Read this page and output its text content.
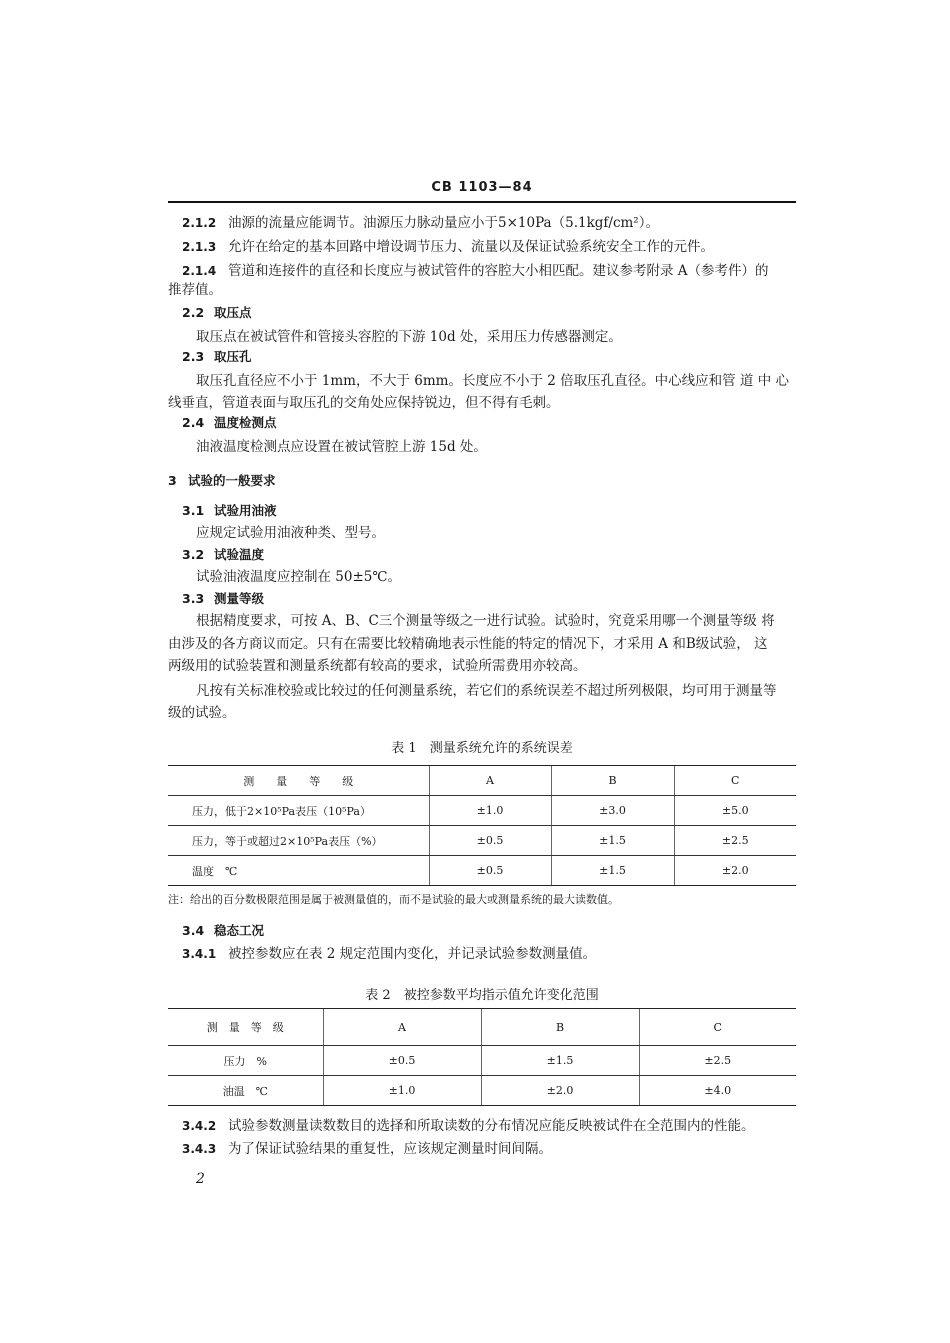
CB 1103—84
2.1.2 油源的流量应能调节。油源压力脉动量应小于5×10Pa（5.1kgf/cm²）。
2.1.3 允许在给定的基本回路中增设调节压力、流量以及保证试验系统安全工作的元件。
2.1.4 管道和连接件的直径和长度应与被试管件的容腔大小相匹配。建议参考附录 A（参考件）的
推荐值。
2.2 取压点
取压点在被试管件和管接头容腔的下游 10d 处，采用压力传感器测定。
2.3 取压孔
取压孔直径应不小于 1mm，不大于 6mm。长度应不小于 2 倍取压孔直径。中心线应和管 道 中 心
线垂直，管道表面与取压孔的交角处应保持锐边，但不得有毛刺。
2.4 温度检测点
油液温度检测点应设置在被试管腔上游 15d 处。
3 试验的一般要求
3.1 试验用油液
应规定试验用油液种类、型号。
3.2 试验温度
试验油液温度应控制在 50±5℃。
3.3 测量等级
根据精度要求，可按 A、B、C三个测量等级之一进行试验。试验时，究竟采用哪一个测量等级 将
由涉及的各方商议而定。只有在需要比较精确地表示性能的特定的情况下，才采用 A 和B级试验， 这
两级用的试验装置和测量系统都有较高的要求，试验所需费用亦较高。
凡按有关标准校验或比较过的任何测量系统，若它们的系统误差不超过所列极限，均可用于测量等
级的试验。
表 1　测量系统允许的系统误差
测　　量　　等　　级	A	B	C
压力，低于2×10⁵Pa表压（10⁵Pa）	±1.0	±3.0	±5.0
压力，等于或超过2×10⁵Pa表压（%）	±0.5	±1.5	±2.5
温度　℃	±0.5	±1.5	±2.0
注：给出的百分数极限范围是属于被测量值的，而不是试验的最大或测量系统的最大读数值。
3.4 稳态工况
3.4.1 被控参数应在表 2 规定范围内变化，并记录试验参数测量值。
表 2　被控参数平均指示值允许变化范围
测　量　等　级	A	B	C
压力　%	±0.5	±1.5	±2.5
油温　℃	±1.0	±2.0	±4.0
3.4.2 试验参数测量读数数目的选择和所取读数的分布情况应能反映被试件在全范围内的性能。
3.4.3 为了保证试验结果的重复性，应该规定测量时间间隔。
2
